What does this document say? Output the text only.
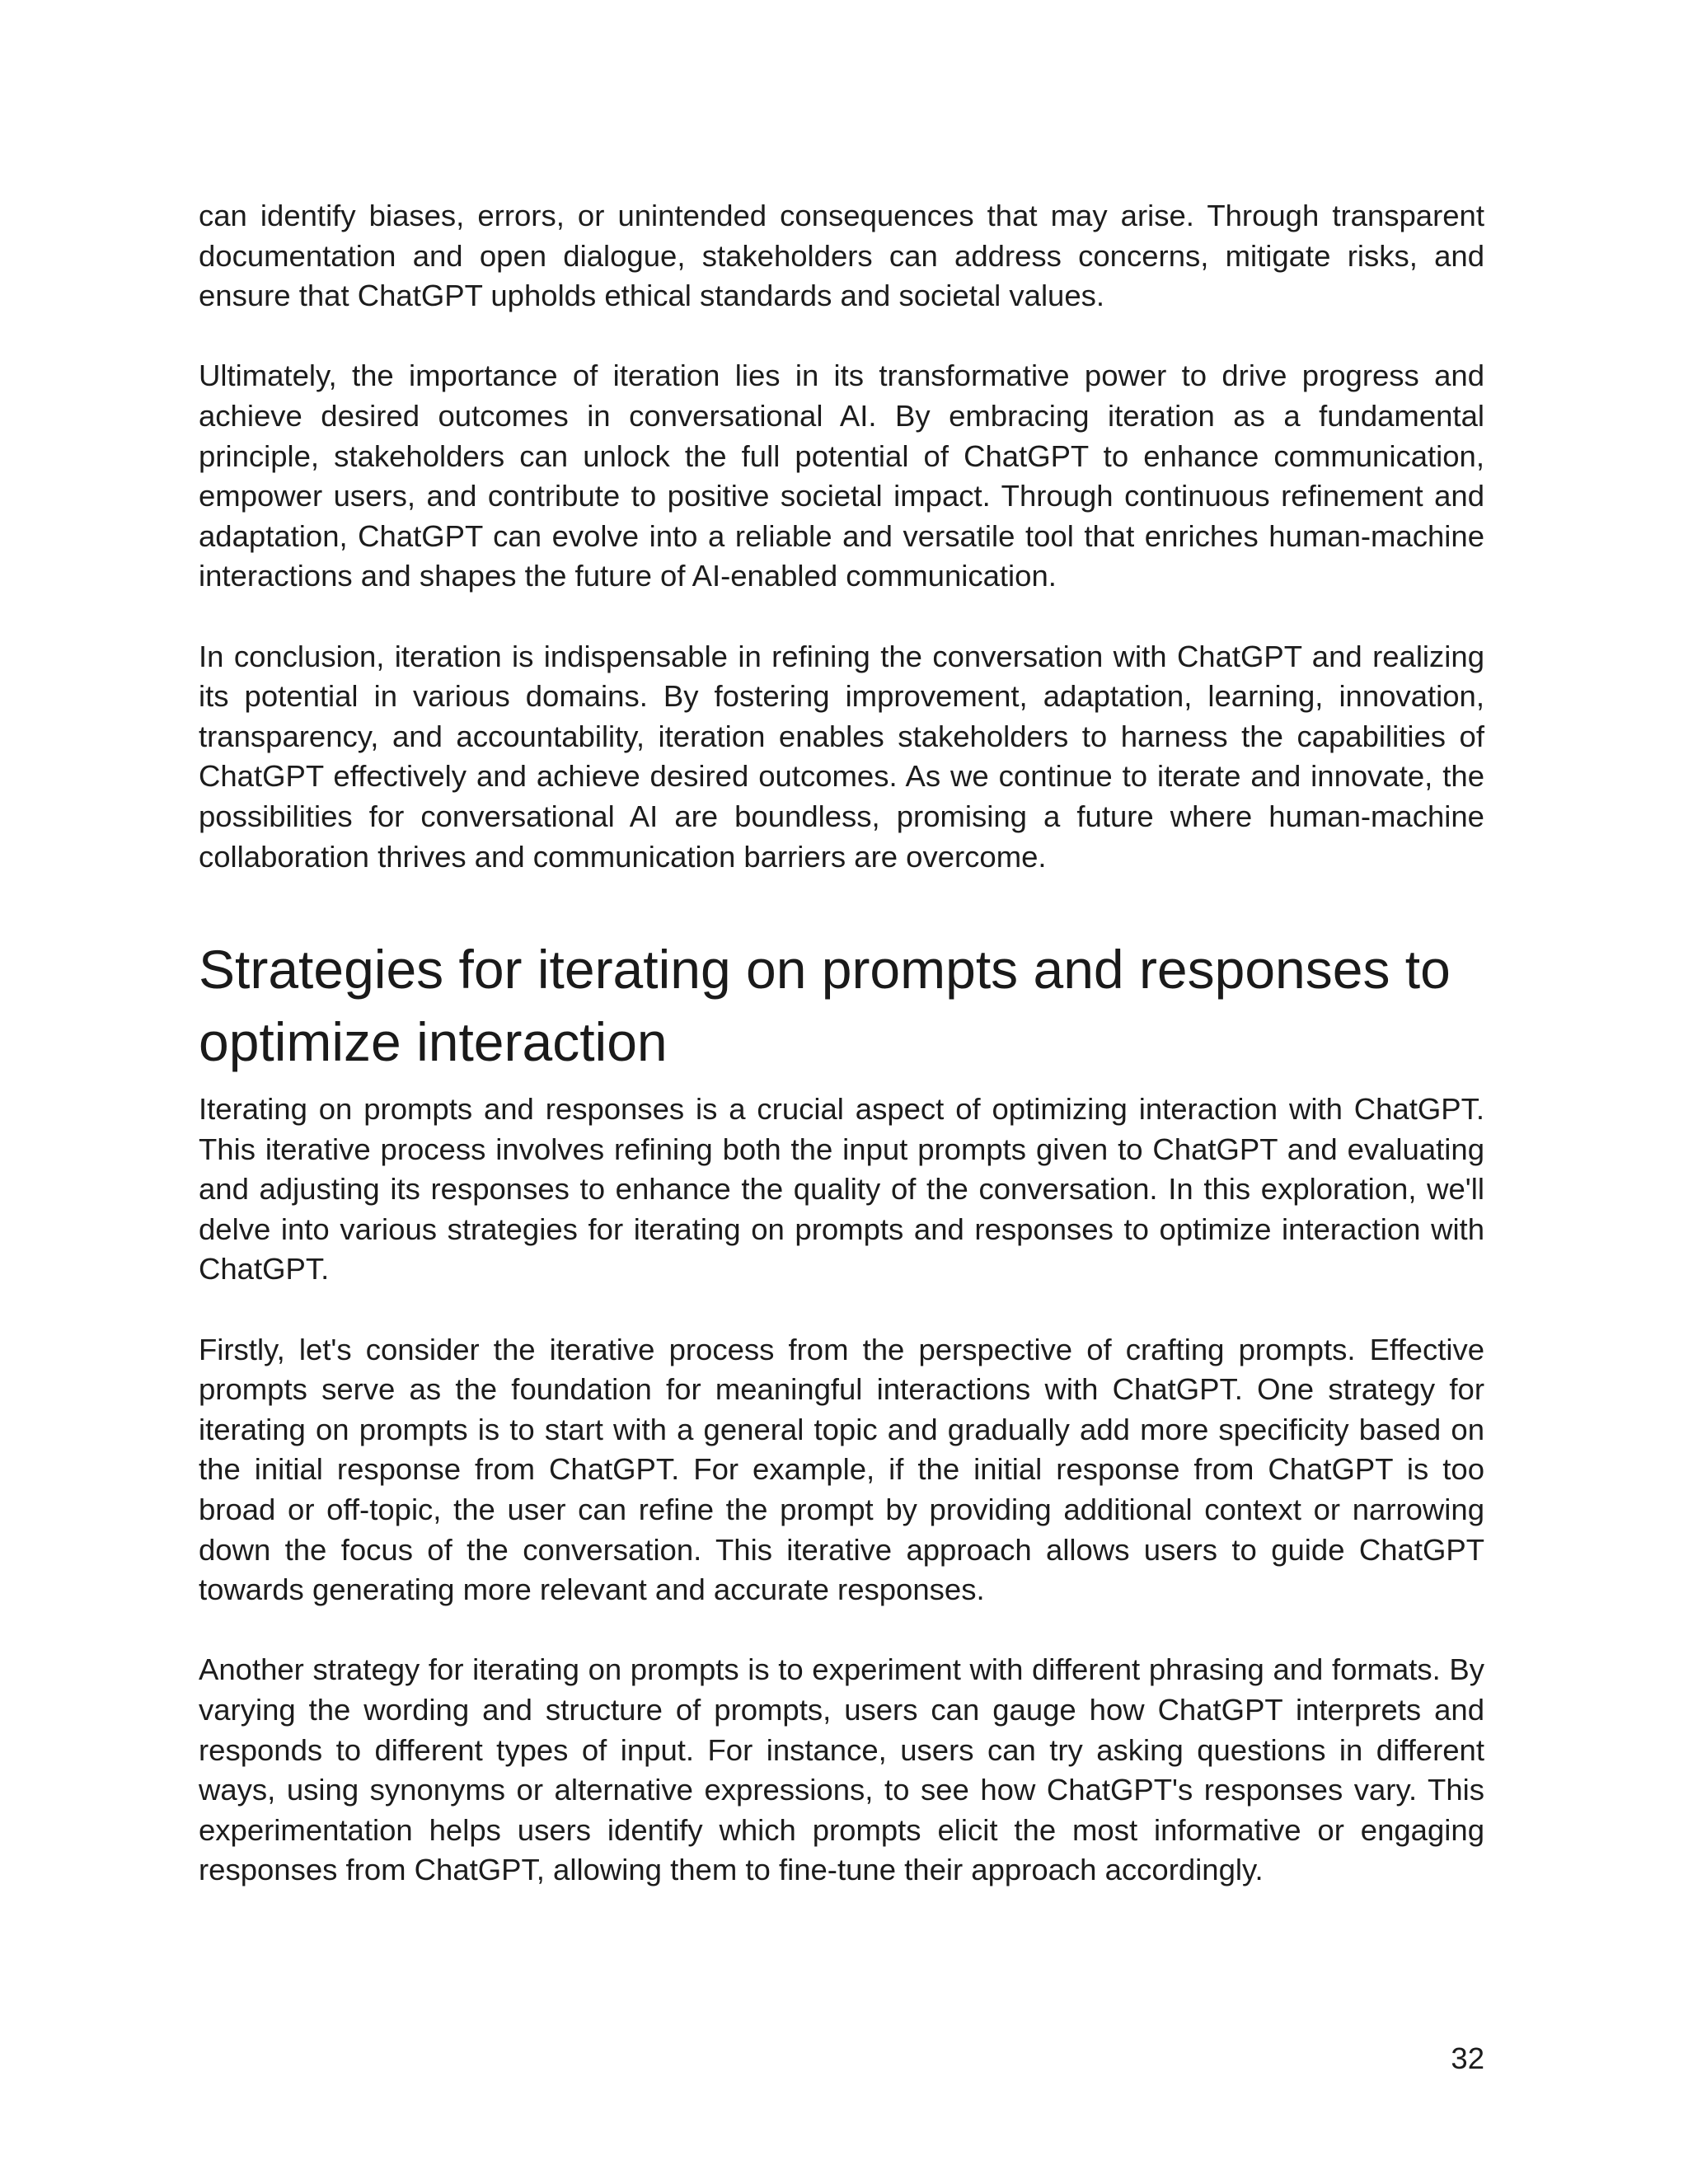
can identify biases, errors, or unintended consequences that may arise. Through transparent documentation and open dialogue, stakeholders can address concerns, mitigate risks, and ensure that ChatGPT upholds ethical standards and societal values.

Ultimately, the importance of iteration lies in its transformative power to drive progress and achieve desired outcomes in conversational AI. By embracing iteration as a fundamental principle, stakeholders can unlock the full potential of ChatGPT to enhance communication, empower users, and contribute to positive societal impact. Through continuous refinement and adaptation, ChatGPT can evolve into a reliable and versatile tool that enriches human-machine interactions and shapes the future of AI-enabled communication.

In conclusion, iteration is indispensable in refining the conversation with ChatGPT and realizing its potential in various domains. By fostering improvement, adaptation, learning, innovation, transparency, and accountability, iteration enables stakeholders to harness the capabilities of ChatGPT effectively and achieve desired outcomes. As we continue to iterate and innovate, the possibilities for conversational AI are boundless, promising a future where human-machine collaboration thrives and communication barriers are overcome.

Strategies for iterating on prompts and responses to optimize interaction

Iterating on prompts and responses is a crucial aspect of optimizing interaction with ChatGPT. This iterative process involves refining both the input prompts given to ChatGPT and evaluating and adjusting its responses to enhance the quality of the conversation. In this exploration, we'll delve into various strategies for iterating on prompts and responses to optimize interaction with ChatGPT.

Firstly, let's consider the iterative process from the perspective of crafting prompts. Effective prompts serve as the foundation for meaningful interactions with ChatGPT. One strategy for iterating on prompts is to start with a general topic and gradually add more specificity based on the initial response from ChatGPT. For example, if the initial response from ChatGPT is too broad or off-topic, the user can refine the prompt by providing additional context or narrowing down the focus of the conversation. This iterative approach allows users to guide ChatGPT towards generating more relevant and accurate responses.

Another strategy for iterating on prompts is to experiment with different phrasing and formats. By varying the wording and structure of prompts, users can gauge how ChatGPT interprets and responds to different types of input. For instance, users can try asking questions in different ways, using synonyms or alternative expressions, to see how ChatGPT's responses vary. This experimentation helps users identify which prompts elicit the most informative or engaging responses from ChatGPT, allowing them to fine-tune their approach accordingly.

32
